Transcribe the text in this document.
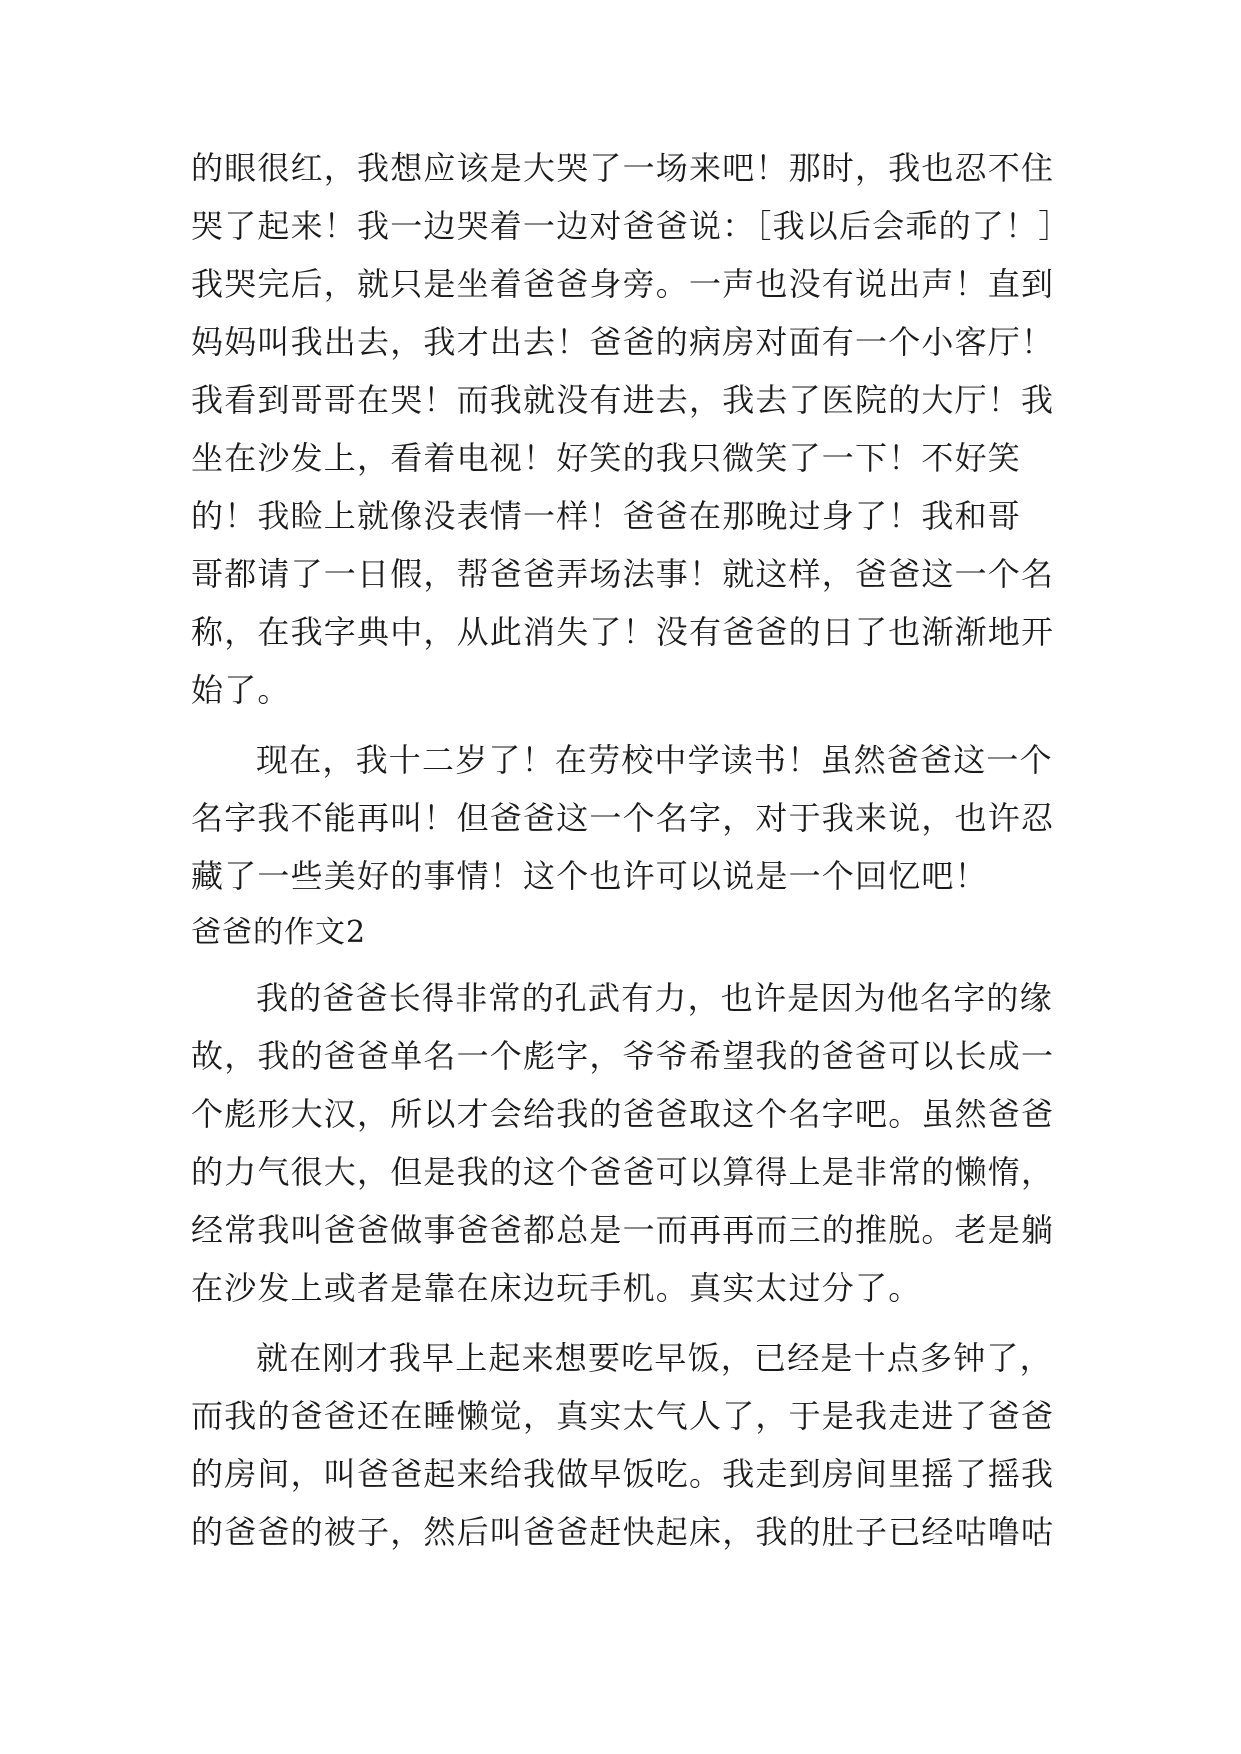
的眼很红，我想应该是大哭了一场来吧！那时，我也忍不住
哭了起来！我一边哭着一边对爸爸说：［我以后会乖的了！］
我哭完后，就只是坐着爸爸身旁。一声也没有说出声！直到
妈妈叫我出去，我才出去！爸爸的病房对面有一个小客厅！
我看到哥哥在哭！而我就没有进去，我去了医院的大厅！我
坐在沙发上，看着电视！好笑的我只微笑了一下！不好笑
的！我睑上就像没表情一样！爸爸在那晚过身了！我和哥
哥都请了一日假，帮爸爸弄场法事！就这样，爸爸这一个名
称，在我字典中，从此消失了！没有爸爸的日了也渐渐地开
始了。
现在，我十二岁了！在劳校中学读书！虽然爸爸这一个
名字我不能再叫！但爸爸这一个名字，对于我来说，也许忍
藏了一些美好的事情！这个也许可以说是一个回忆吧！
爸爸的作文2
我的爸爸长得非常的孔武有力，也许是因为他名字的缘
故，我的爸爸单名一个彪字，爷爷希望我的爸爸可以长成一
个彪形大汉，所以才会给我的爸爸取这个名字吧。虽然爸爸
的力气很大，但是我的这个爸爸可以算得上是非常的懒惰，
经常我叫爸爸做事爸爸都总是一而再再而三的推脱。老是躺
在沙发上或者是靠在床边玩手机。真实太过分了。
就在刚才我早上起来想要吃早饭，已经是十点多钟了，
而我的爸爸还在睡懒觉，真实太气人了，于是我走进了爸爸
的房间，叫爸爸起来给我做早饭吃。我走到房间里摇了摇我
的爸爸的被子，然后叫爸爸赶快起床，我的肚子已经咕噜咕
